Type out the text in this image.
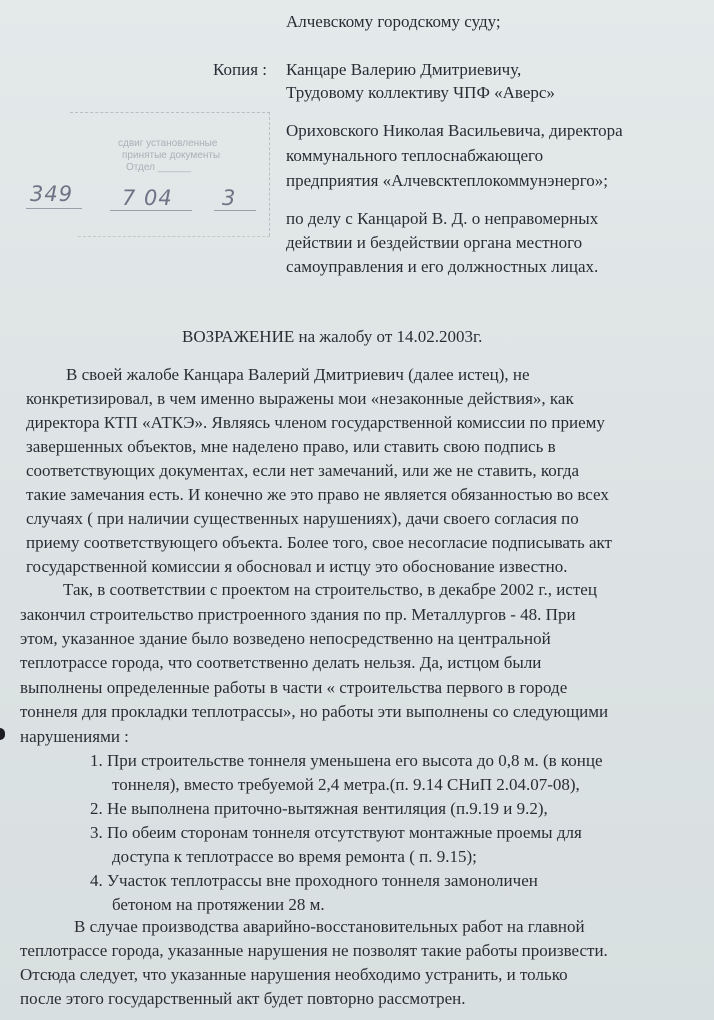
Алчевскому городскому суду;
Копия : Канцаре Валерию Дмитриевичу,
Трудовому коллективу ЧПФ «Аверс»
Ориховского Николая Васильевича, директора
коммунального теплоснабжающего
предприятия «Алчевсктеплокоммунэнерго»;
по делу с Канцарой В. Д. о неправомерных
действии и бездействии органа местного
самоуправления и его должностных лицах.
сдвиг установленные
принятые документы
Отдел ______
349 7 04 3
ВОЗРАЖЕНИЕ на жалобу от 14.02.2003г.
В своей жалобе Канцара Валерий Дмитриевич (далее истец), не
конкретизировал, в чем именно выражены мои «незаконные действия», как
директора КТП «АТКЭ». Являясь членом государственной комиссии по приему
завершенных объектов, мне наделено право, или ставить свою подпись в
соответствующих документах, если нет замечаний, или же не ставить, когда
такие замечания есть. И конечно же это право не является обязанностью во всех
случаях ( при наличии существенных нарушениях), дачи своего согласия по
приему соответствующего объекта. Более того, свое несогласие подписывать акт
государственной комиссии я обосновал и истцу это обоснование известно.
Так, в соответствии с проектом на строительство, в декабре 2002 г., истец
закончил строительство пристроенного здания по пр. Металлургов - 48. При
этом, указанное здание было возведено непосредственно на центральной
теплотрассе города, что соответственно делать нельзя. Да, истцом были
выполнены определенные работы в части « строительства первого в городе
тоннеля для прокладки теплотрассы», но работы эти выполнены со следующими
нарушениями :
1. При строительстве тоннеля уменьшена его высота до 0,8 м. (в конце
тоннеля), вместо требуемой 2,4 метра.(п. 9.14 СНиП 2.04.07-08),
2. Не выполнена приточно-вытяжная вентиляция (п.9.19 и 9.2),
3. По обеим сторонам тоннеля отсутствуют монтажные проемы для
доступа к теплотрассе во время ремонта ( п. 9.15);
4. Участок теплотрассы вне проходного тоннеля замоноличен
бетоном на протяжении 28 м.
В случае производства аварийно-восстановительных работ на главной
теплотрассе города, указанные нарушения не позволят такие работы произвести.
Отсюда следует, что указанные нарушения необходимо устранить, и только
после этого государственный акт будет повторно рассмотрен.
